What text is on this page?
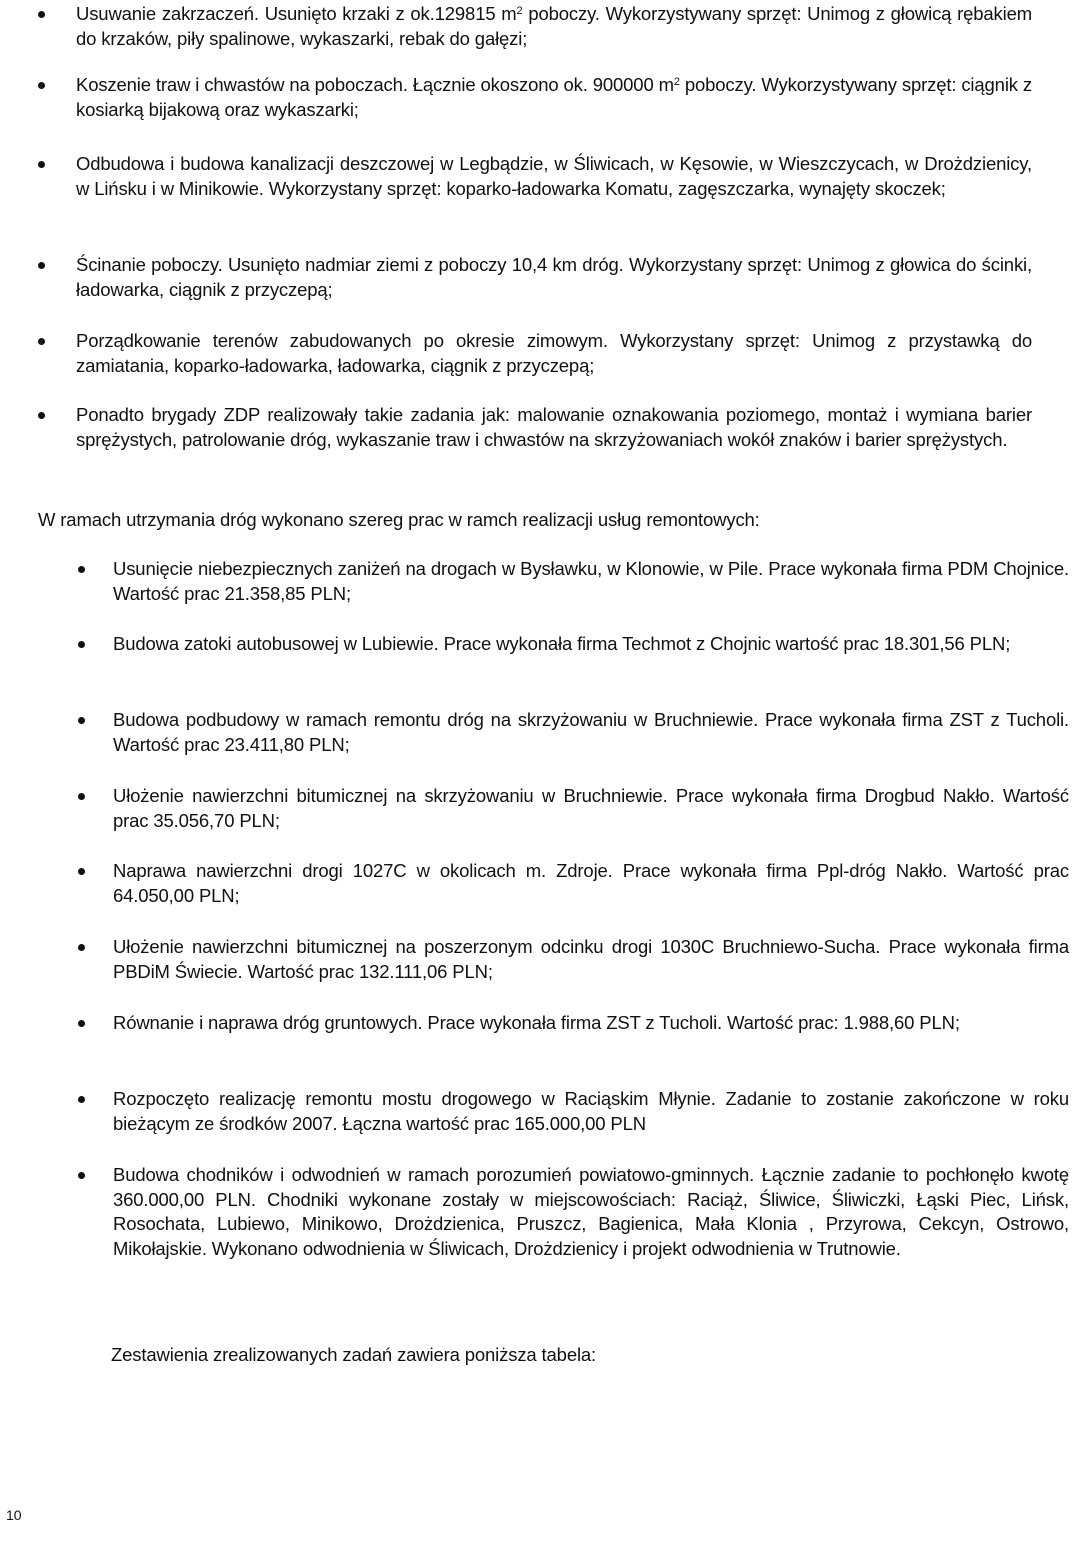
Usuwanie zakrzaczeń. Usunięto krzaki z ok.129815 $m^2$ poboczy. Wykorzystywany sprzęt: Unimog z głowicą rębakiem do krzaków, piły spalinowe, wykaszarki, rebak do gałęzi;
Koszenie traw i chwastów na poboczach. Łącznie okoszono ok. 900000 $m^2$ poboczy. Wykorzystywany sprzęt: ciągnik z kosiarką bijakową oraz wykaszarki;
Odbudowa i budowa kanalizacji deszczowej w Legbądzie, w Śliwicach, w Kęsowie, w Wieszczycach, w Drożdzienicy, w Lińsku i w Minikowie. Wykorzystany sprzęt: koparko-ładowarka Komatu, zagęszczarka, wynajęty skoczek;
Ścinanie poboczy. Usunięto nadmiar ziemi z poboczy 10,4 km dróg. Wykorzystany sprzęt: Unimog z głowica do ścinki, ładowarka, ciągnik z przyczepą;
Porządkowanie terenów zabudowanych po okresie zimowym. Wykorzystany sprzęt: Unimog z przystawką do zamiatania, koparko-ładowarka, ładowarka, ciągnik z przyczepą;
Ponadto brygady ZDP realizowały takie zadania jak: malowanie oznakowania poziomego, montaż i wymiana barier sprężystych, patrolowanie dróg, wykaszanie traw i chwastów na skrzyżowaniach wokół znaków i barier sprężystych.

W ramach utrzymania dróg wykonano szereg prac w ramch realizacji usług remontowych:

Usunięcie niebezpiecznych zaniżeń na drogach w Bysławku, w Klonowie, w Pile. Prace wykonała firma PDM Chojnice. Wartość prac 21.358,85 PLN;
Budowa zatoki autobusowej w Lubiewie. Prace wykonała firma Techmot z Chojnic wartość prac 18.301,56 PLN;
Budowa podbudowy w ramach remontu dróg na skrzyżowaniu w Bruchniewie. Prace wykonała firma ZST z Tucholi. Wartość prac 23.411,80 PLN;
Ułożenie nawierzchni bitumicznej na skrzyżowaniu w Bruchniewie. Prace wykonała firma Drogbud Nakło. Wartość prac 35.056,70 PLN;
Naprawa nawierzchni drogi 1027C w okolicach m. Zdroje. Prace wykonała firma Ppl-dróg Nakło. Wartość prac 64.050,00 PLN;
Ułożenie nawierzchni bitumicznej na poszerzonym odcinku drogi 1030C Bruchniewo-Sucha. Prace wykonała firma PBDiM Świecie. Wartość prac 132.111,06 PLN;
Równanie i naprawa dróg gruntowych. Prace wykonała firma ZST z Tucholi. Wartość prac: 1.988,60 PLN;
Rozpoczęto realizację remontu mostu drogowego w Raciąskim Młynie. Zadanie to zostanie zakończone w roku bieżącym ze środków 2007. Łączna wartość prac 165.000,00 PLN
Budowa chodników i odwodnień w ramach porozumień powiatowo-gminnych. Łącznie zadanie to pochłonęło kwotę 360.000,00 PLN. Chodniki wykonane zostały w miejscowościach: Raciąż, Śliwice, Śliwiczki, Łąski Piec, Lińsk, Rosochata, Lubiewo, Minikowo, Drożdzienica, Pruszcz, Bagienica, Mała Klonia , Przyrowa, Cekcyn, Ostrowo, Mikołajskie. Wykonano odwodnienia w Śliwicach, Drożdzienicy i projekt odwodnienia w Trutnowie.

Zestawienia zrealizowanych zadań zawiera poniższa tabela:

10
